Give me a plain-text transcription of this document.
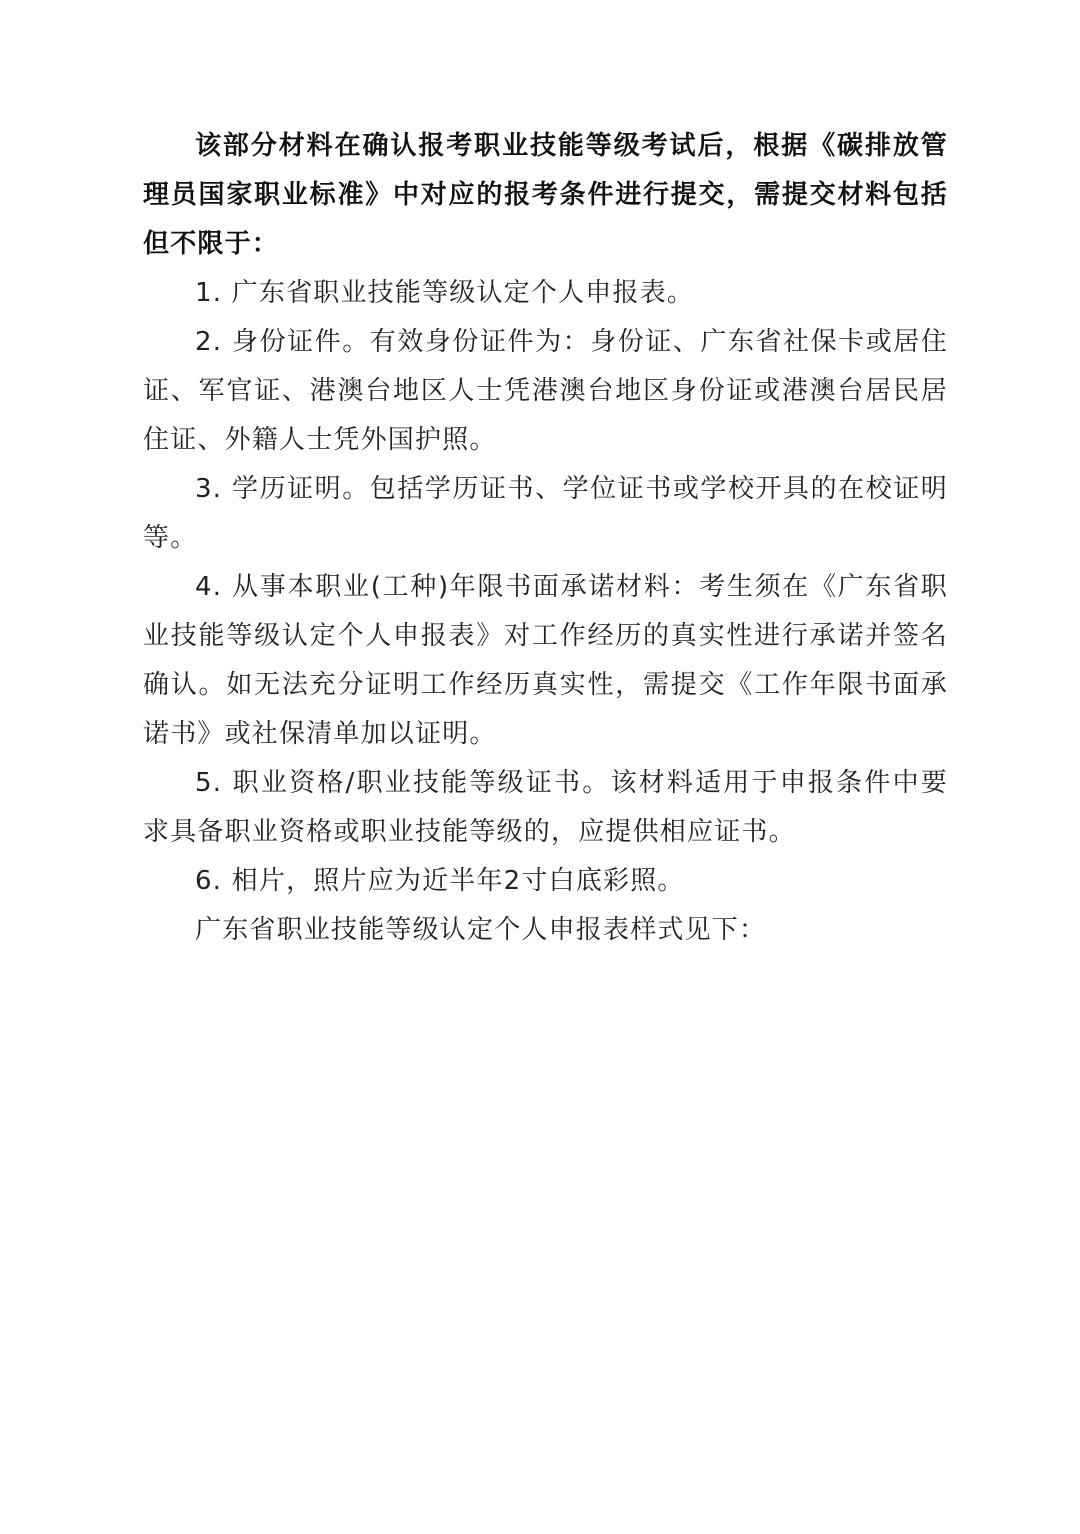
该部分材料在确认报考职业技能等级考试后，根据《碳排放管理员国家职业标准》中对应的报考条件进行提交，需提交材料包括但不限于：

1. 广东省职业技能等级认定个人申报表。

2. 身份证件。有效身份证件为：身份证、广东省社保卡或居住证、军官证、港澳台地区人士凭港澳台地区身份证或港澳台居民居住证、外籍人士凭外国护照。

3. 学历证明。包括学历证书、学位证书或学校开具的在校证明等。

4. 从事本职业(工种)年限书面承诺材料：考生须在《广东省职业技能等级认定个人申报表》对工作经历的真实性进行承诺并签名确认。如无法充分证明工作经历真实性，需提交《工作年限书面承诺书》或社保清单加以证明。

5. 职业资格/职业技能等级证书。该材料适用于申报条件中要求具备职业资格或职业技能等级的，应提供相应证书。

6. 相片，照片应为近半年2寸白底彩照。

广东省职业技能等级认定个人申报表样式见下：
